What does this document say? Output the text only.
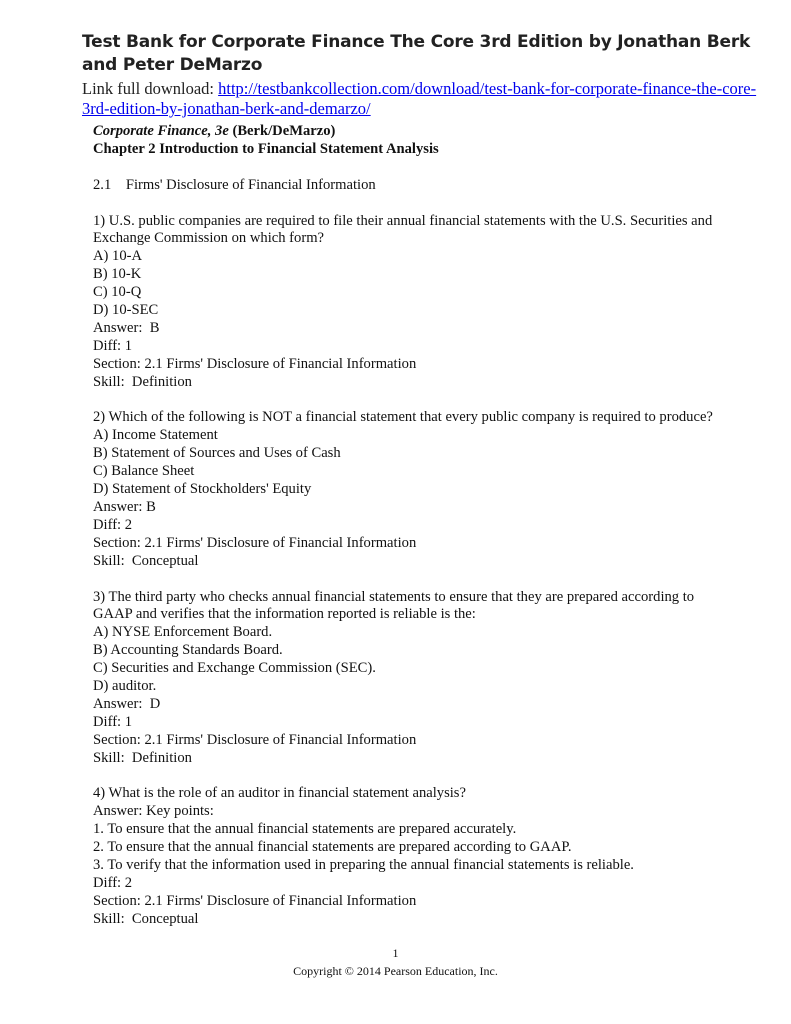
Test Bank for Corporate Finance The Core 3rd Edition by Jonathan Berk and Peter DeMarzo
Link full download: http://testbankcollection.com/download/test-bank-for-corporate-finance-the-core-3rd-edition-by-jonathan-berk-and-demarzo/
Corporate Finance, 3e (Berk/DeMarzo)
Chapter 2 Introduction to Financial Statement Analysis
2.1    Firms' Disclosure of Financial Information
1) U.S. public companies are required to file their annual financial statements with the U.S. Securities and Exchange Commission on which form?
A) 10-A
B) 10-K
C) 10-Q
D) 10-SEC
Answer:  B
Diff: 1
Section: 2.1 Firms' Disclosure of Financial Information
Skill:  Definition
2) Which of the following is NOT a financial statement that every public company is required to produce?
A) Income Statement
B) Statement of Sources and Uses of Cash
C) Balance Sheet
D) Statement of Stockholders' Equity
Answer: B
Diff: 2
Section: 2.1 Firms' Disclosure of Financial Information
Skill:  Conceptual
3) The third party who checks annual financial statements to ensure that they are prepared according to GAAP and verifies that the information reported is reliable is the:
A) NYSE Enforcement Board.
B) Accounting Standards Board.
C) Securities and Exchange Commission (SEC).
D) auditor.
Answer:  D
Diff: 1
Section: 2.1 Firms' Disclosure of Financial Information
Skill:  Definition
4) What is the role of an auditor in financial statement analysis?
Answer: Key points:
1. To ensure that the annual financial statements are prepared accurately.
2. To ensure that the annual financial statements are prepared according to GAAP.
3. To verify that the information used in preparing the annual financial statements is reliable.
Diff: 2
Section: 2.1 Firms' Disclosure of Financial Information
Skill:  Conceptual
1
Copyright © 2014 Pearson Education, Inc.
